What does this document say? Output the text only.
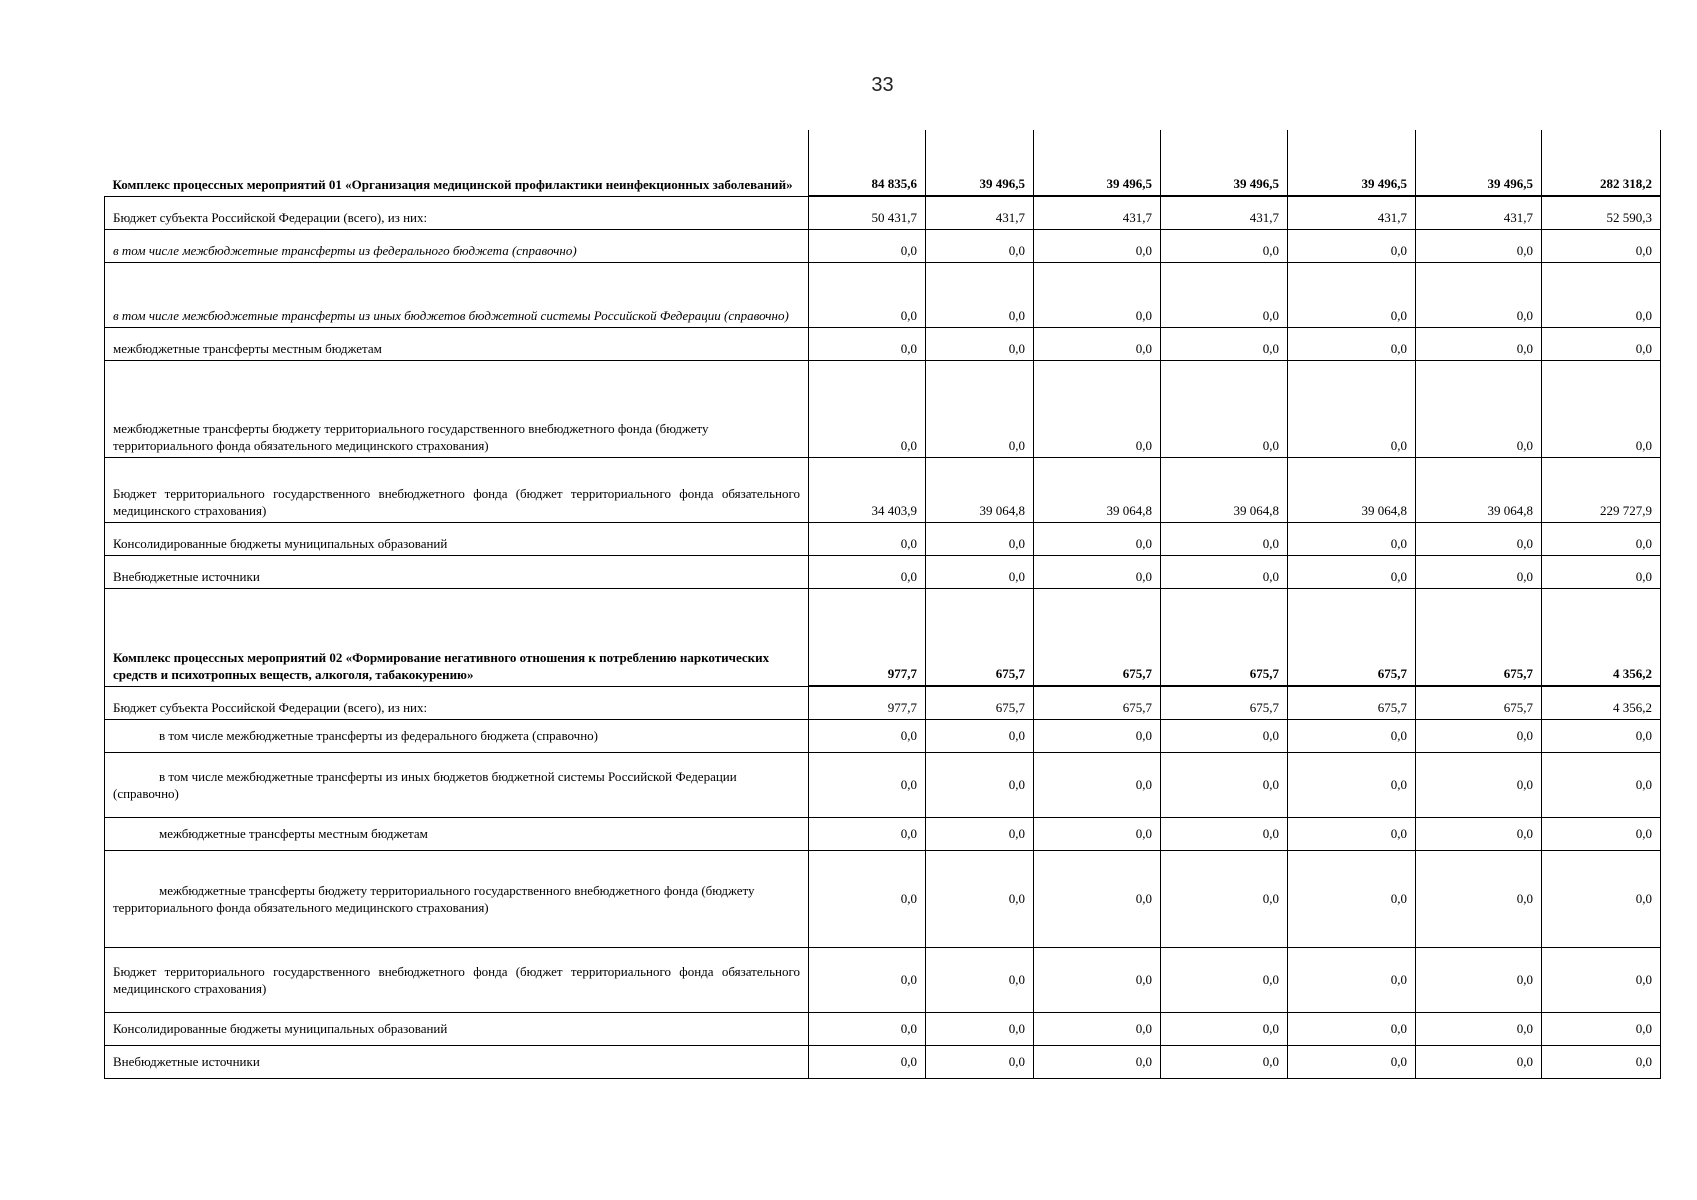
33
Комплекс процессных мероприятий 01 «Организация медицинской профилактики неинфекционных заболеваний»	84 835,6	39 496,5	39 496,5	39 496,5	39 496,5	39 496,5	282 318,2
Бюджет субъекта Российской Федерации (всего), из них:	50 431,7	431,7	431,7	431,7	431,7	431,7	52 590,3
в том числе межбюджетные трансферты из федерального бюджета (справочно)	0,0	0,0	0,0	0,0	0,0	0,0	0,0
в том числе межбюджетные трансферты из иных бюджетов бюджетной системы Российской Федерации (справочно)	0,0	0,0	0,0	0,0	0,0	0,0	0,0
межбюджетные трансферты местным бюджетам	0,0	0,0	0,0	0,0	0,0	0,0	0,0
межбюджетные трансферты бюджету территориального государственного внебюджетного фонда (бюджету территориального фонда обязательного медицинского страхования)	0,0	0,0	0,0	0,0	0,0	0,0	0,0
Бюджет территориального государственного внебюджетного фонда (бюджет территориального фонда обязательного медицинского страхования)	34 403,9	39 064,8	39 064,8	39 064,8	39 064,8	39 064,8	229 727,9
Консолидированные бюджеты муниципальных образований	0,0	0,0	0,0	0,0	0,0	0,0	0,0
Внебюджетные источники	0,0	0,0	0,0	0,0	0,0	0,0	0,0
Комплекс процессных мероприятий 02 «Формирование негативного отношения к потреблению наркотических средств и психотропных веществ, алкоголя, табакокурению»	977,7	675,7	675,7	675,7	675,7	675,7	4 356,2
Бюджет субъекта Российской Федерации (всего), из них:	977,7	675,7	675,7	675,7	675,7	675,7	4 356,2
в том числе межбюджетные трансферты из федерального бюджета (справочно)	0,0	0,0	0,0	0,0	0,0	0,0	0,0
в том числе межбюджетные трансферты из иных бюджетов бюджетной системы Российской Федерации (справочно)	0,0	0,0	0,0	0,0	0,0	0,0	0,0
межбюджетные трансферты местным бюджетам	0,0	0,0	0,0	0,0	0,0	0,0	0,0
межбюджетные трансферты бюджету территориального государственного внебюджетного фонда (бюджету территориального фонда обязательного медицинского страхования)	0,0	0,0	0,0	0,0	0,0	0,0	0,0
Бюджет территориального государственного внебюджетного фонда (бюджет территориального фонда обязательного медицинского страхования)	0,0	0,0	0,0	0,0	0,0	0,0	0,0
Консолидированные бюджеты муниципальных образований	0,0	0,0	0,0	0,0	0,0	0,0	0,0
Внебюджетные источники	0,0	0,0	0,0	0,0	0,0	0,0	0,0
